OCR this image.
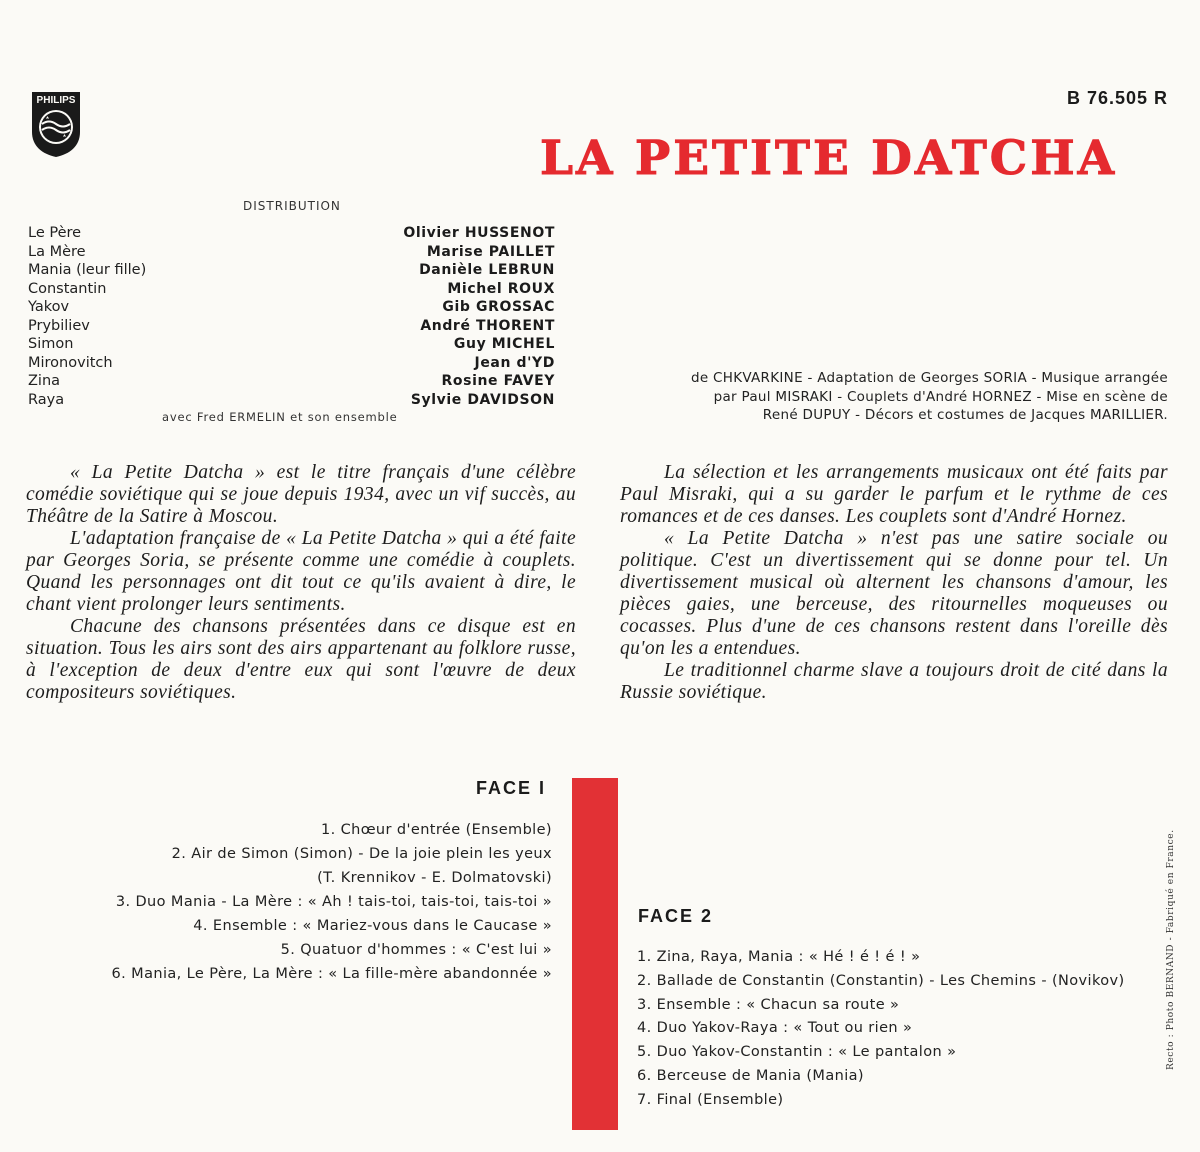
PHILIPS	B 76.505 R
LA PETITE DATCHA
DISTRIBUTION
Le Père
La Mère
Mania (leur fille)
Constantin
Yakov
Prybiliev
Simon
Mironovitch
Zina
Raya
Olivier HUSSENOT
Marise PAILLET
Danièle LEBRUN
Michel ROUX
Gib GROSSAC
André THORENT
Guy MICHEL
Jean d'YD
Rosine FAVEY
Sylvie DAVIDSON
avec Fred ERMELIN et son ensemble
de CHKVARKINE - Adaptation de Georges SORIA - Musique arrangée
par Paul MISRAKI - Couplets d'André HORNEZ - Mise en scène de
René DUPUY - Décors et costumes de Jacques MARILLIER.

« La Petite Datcha » est le titre français d'une célèbre comédie soviétique qui se joue depuis 1934, avec un vif succès, au Théâtre de la Satire à Moscou.

L'adaptation française de « La Petite Datcha » qui a été faite par Georges Soria, se présente comme une comédie à couplets. Quand les personnages ont dit tout ce qu'ils avaient à dire, le chant vient prolonger leurs sentiments.

Chacune des chansons présentées dans ce disque est en situation. Tous les airs sont des airs appartenant au folklore russe, à l'exception de deux d'entre eux qui sont l'œuvre de deux compositeurs soviétiques.

La sélection et les arrangements musicaux ont été faits par Paul Misraki, qui a su garder le parfum et le rythme de ces romances et de ces danses. Les couplets sont d'André Hornez.

« La Petite Datcha » n'est pas une satire sociale ou politique. C'est un divertissement qui se donne pour tel. Un divertissement musical où alternent les chansons d'amour, les pièces gaies, une berceuse, des ritournelles moqueuses ou cocasses. Plus d'une de ces chansons restent dans l'oreille dès qu'on les a entendues.

Le traditionnel charme slave a toujours droit de cité dans la Russie soviétique.

FACE I
1. Chœur d'entrée (Ensemble)
2. Air de Simon (Simon) - De la joie plein les yeux
(T. Krennikov - E. Dolmatovski)
3. Duo Mania - La Mère : « Ah ! tais-toi, tais-toi, tais-toi »
4. Ensemble : « Mariez-vous dans le Caucase »
5. Quatuor d'hommes : « C'est lui »
6. Mania, Le Père, La Mère : « La fille-mère abandonnée »
FACE 2
1. Zina, Raya, Mania : « Hé ! é ! é ! »
2. Ballade de Constantin (Constantin) - Les Chemins - (Novikov)
3. Ensemble : « Chacun sa route »
4. Duo Yakov-Raya : « Tout ou rien »
5. Duo Yakov-Constantin : « Le pantalon »
6. Berceuse de Mania (Mania)
7. Final (Ensemble)
Recto : Photo BERNAND - Fabriqué en France.
